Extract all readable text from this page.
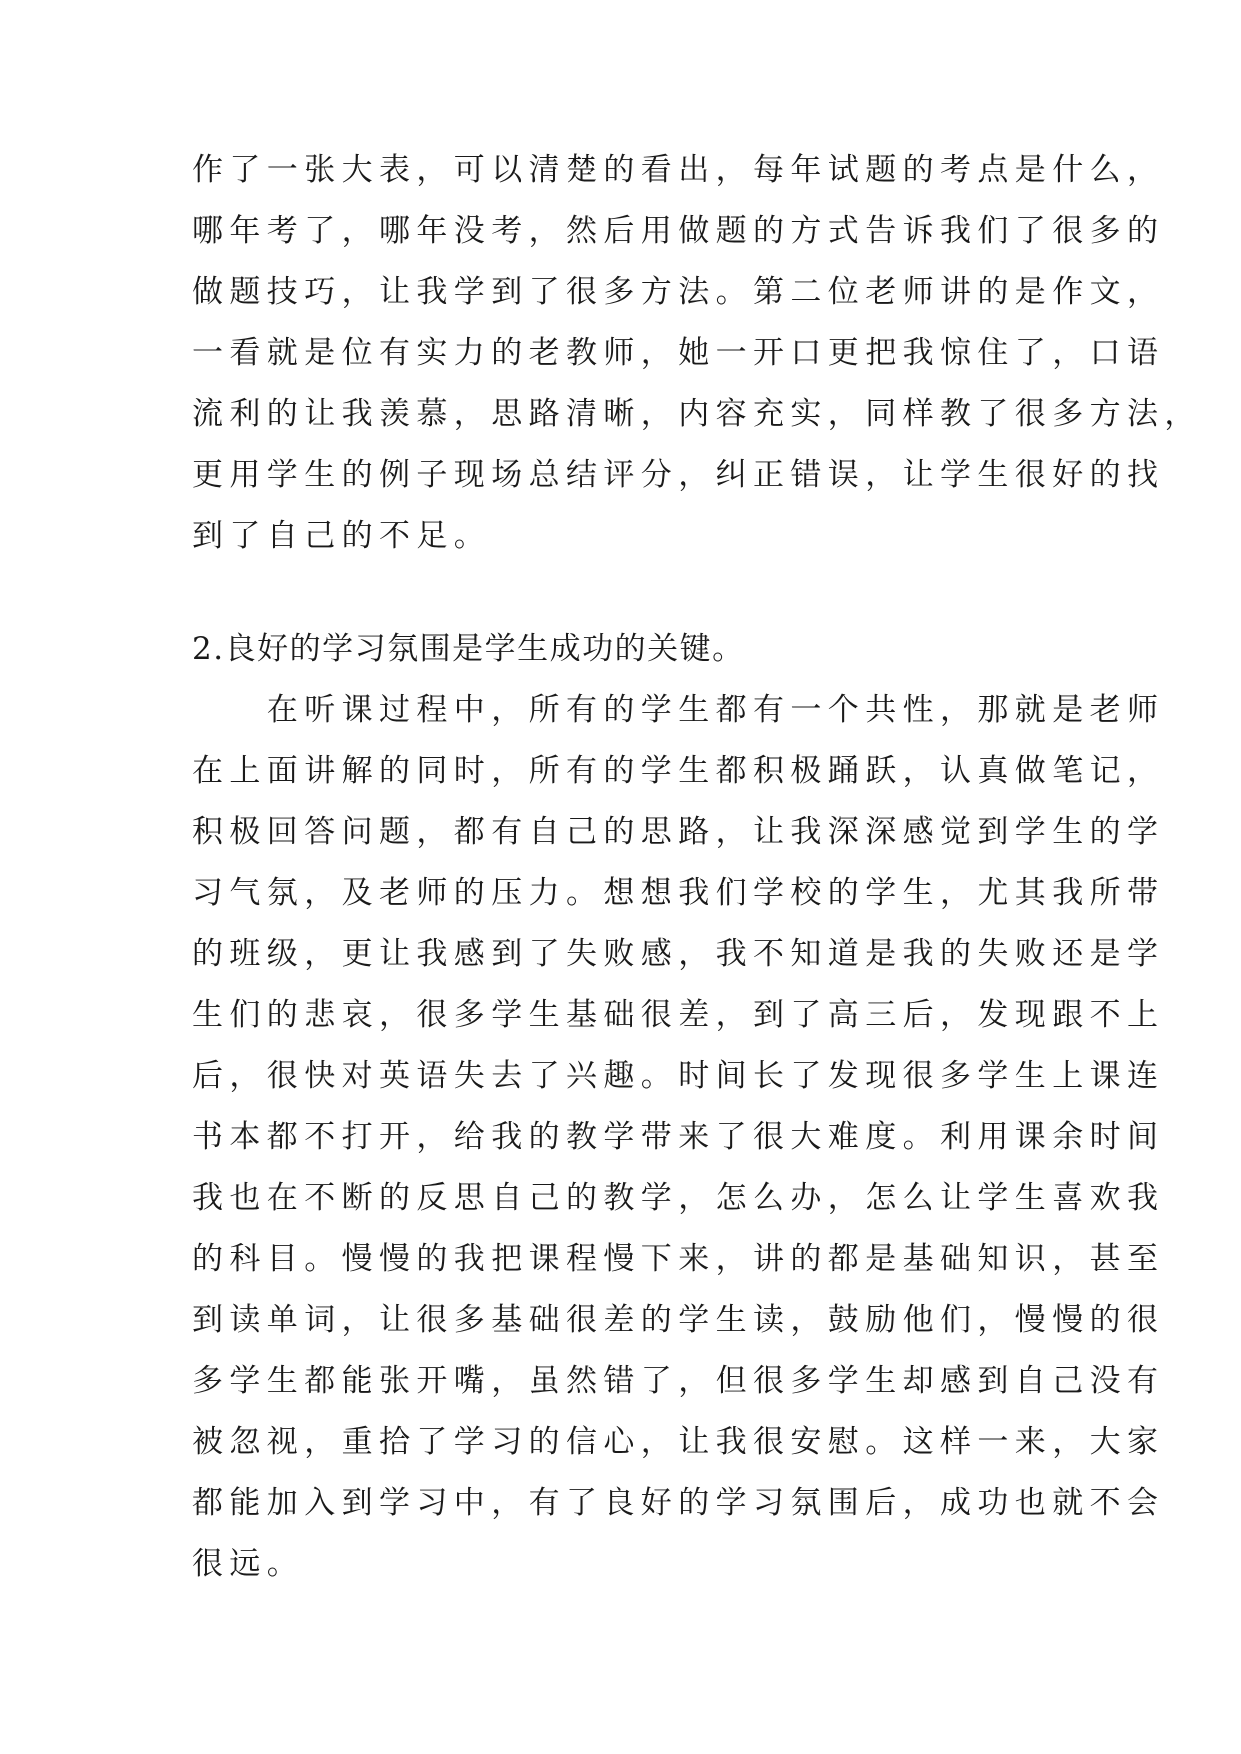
作了一张大表，可以清楚的看出，每年试题的考点是什么，
哪年考了，哪年没考，然后用做题的方式告诉我们了很多的
做题技巧，让我学到了很多方法。第二位老师讲的是作文，
一看就是位有实力的老教师，她一开口更把我惊住了，口语
流利的让我羡慕，思路清晰，内容充实，同样教了很多方法，
更用学生的例子现场总结评分，纠正错误，让学生很好的找
到了自己的不足。
2.良好的学习氛围是学生成功的关键。
　　在听课过程中，所有的学生都有一个共性，那就是老师
在上面讲解的同时，所有的学生都积极踊跃，认真做笔记，
积极回答问题，都有自己的思路，让我深深感觉到学生的学
习气氛，及老师的压力。想想我们学校的学生，尤其我所带
的班级，更让我感到了失败感，我不知道是我的失败还是学
生们的悲哀，很多学生基础很差，到了高三后，发现跟不上
后，很快对英语失去了兴趣。时间长了发现很多学生上课连
书本都不打开，给我的教学带来了很大难度。利用课余时间
我也在不断的反思自己的教学，怎么办，怎么让学生喜欢我
的科目。慢慢的我把课程慢下来，讲的都是基础知识，甚至
到读单词，让很多基础很差的学生读，鼓励他们，慢慢的很
多学生都能张开嘴，虽然错了，但很多学生却感到自己没有
被忽视，重拾了学习的信心，让我很安慰。这样一来，大家
都能加入到学习中，有了良好的学习氛围后，成功也就不会
很远。
